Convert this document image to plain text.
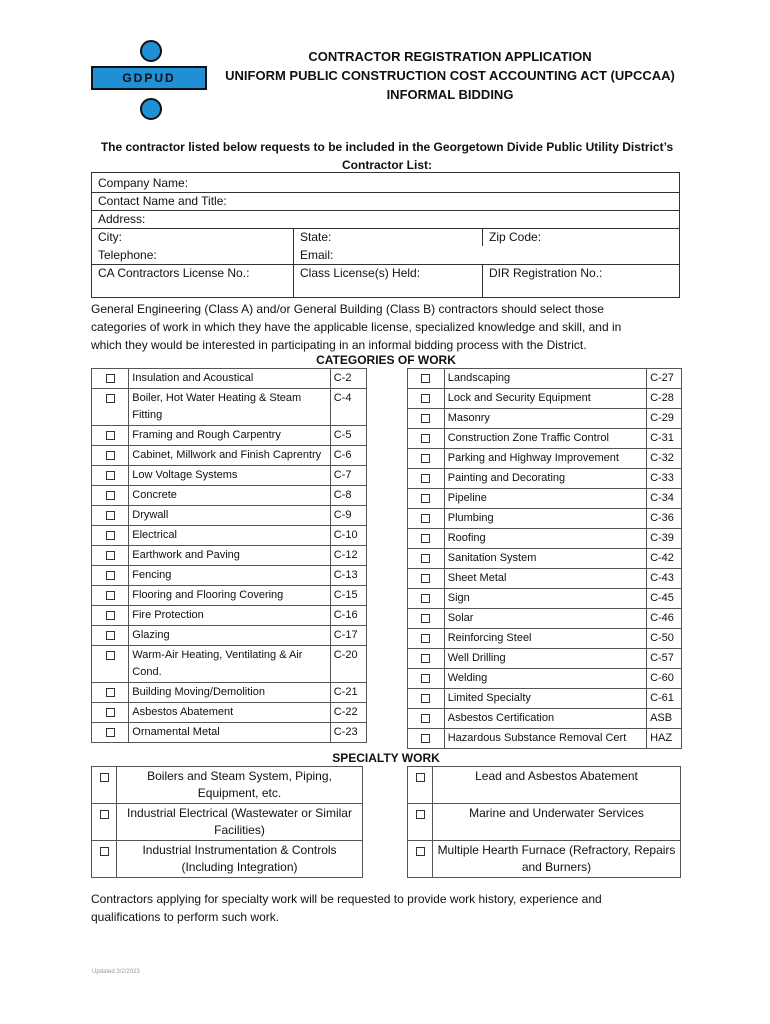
GDPUD
CONTRACTOR REGISTRATION APPLICATION
UNIFORM PUBLIC CONSTRUCTION COST ACCOUNTING ACT (UPCCAA)
INFORMAL BIDDING
The contractor listed below requests to be included in the Georgetown Divide Public Utility District’s
Contractor List:
Company Name:
Contact Name and Title:
Address:
City:	State:	Zip Code:
Telephone:	Email:
CA Contractors License No.:	Class License(s) Held:	DIR Registration No.:
General Engineering (Class A) and/or General Building (Class B) contractors should select those
categories of work in which they have the applicable license, specialized knowledge and skill, and in
which they would be interested in participating in an informal bidding process with the District.
CATEGORIES OF WORK
	Insulation and Acoustical	C-2
	Boiler, Hot Water Heating & Steam Fitting	C-4
	Framing and Rough Carpentry	C-5
	Cabinet, Millwork and Finish Caprentry	C-6
	Low Voltage Systems	C-7
	Concrete	C-8
	Drywall	C-9
	Electrical	C-10
	Earthwork and Paving	C-12
	Fencing	C-13
	Flooring and Flooring Covering	C-15
	Fire Protection	C-16
	Glazing	C-17
	Warm-Air Heating, Ventilating & Air Cond.	C-20
	Building Moving/Demolition	C-21
	Asbestos Abatement	C-22
	Ornamental Metal	C-23
	Landscaping	C-27
	Lock and Security Equipment	C-28
	Masonry	C-29
	Construction Zone Traffic Control	C-31
	Parking and Highway Improvement	C-32
	Painting and Decorating	C-33
	Pipeline	C-34
	Plumbing	C-36
	Roofing	C-39
	Sanitation System	C-42
	Sheet Metal	C-43
	Sign	C-45
	Solar	C-46
	Reinforcing Steel	C-50
	Well Drilling	C-57
	Welding	C-60
	Limited Specialty	C-61
	Asbestos Certification	ASB
	Hazardous Substance Removal Cert	HAZ
SPECIALTY WORK
	Boilers and Steam System, Piping, Equipment, etc.
	Industrial Electrical (Wastewater or Similar Facilities)
	Industrial Instrumentation & Controls (Including Integration)
	Lead and Asbestos Abatement
	Marine and Underwater Services
	Multiple Hearth Furnace (Refractory, Repairs and Burners)
Contractors applying for specialty work will be requested to provide work history, experience and
qualifications to perform such work.
Updated 3/2/2023
